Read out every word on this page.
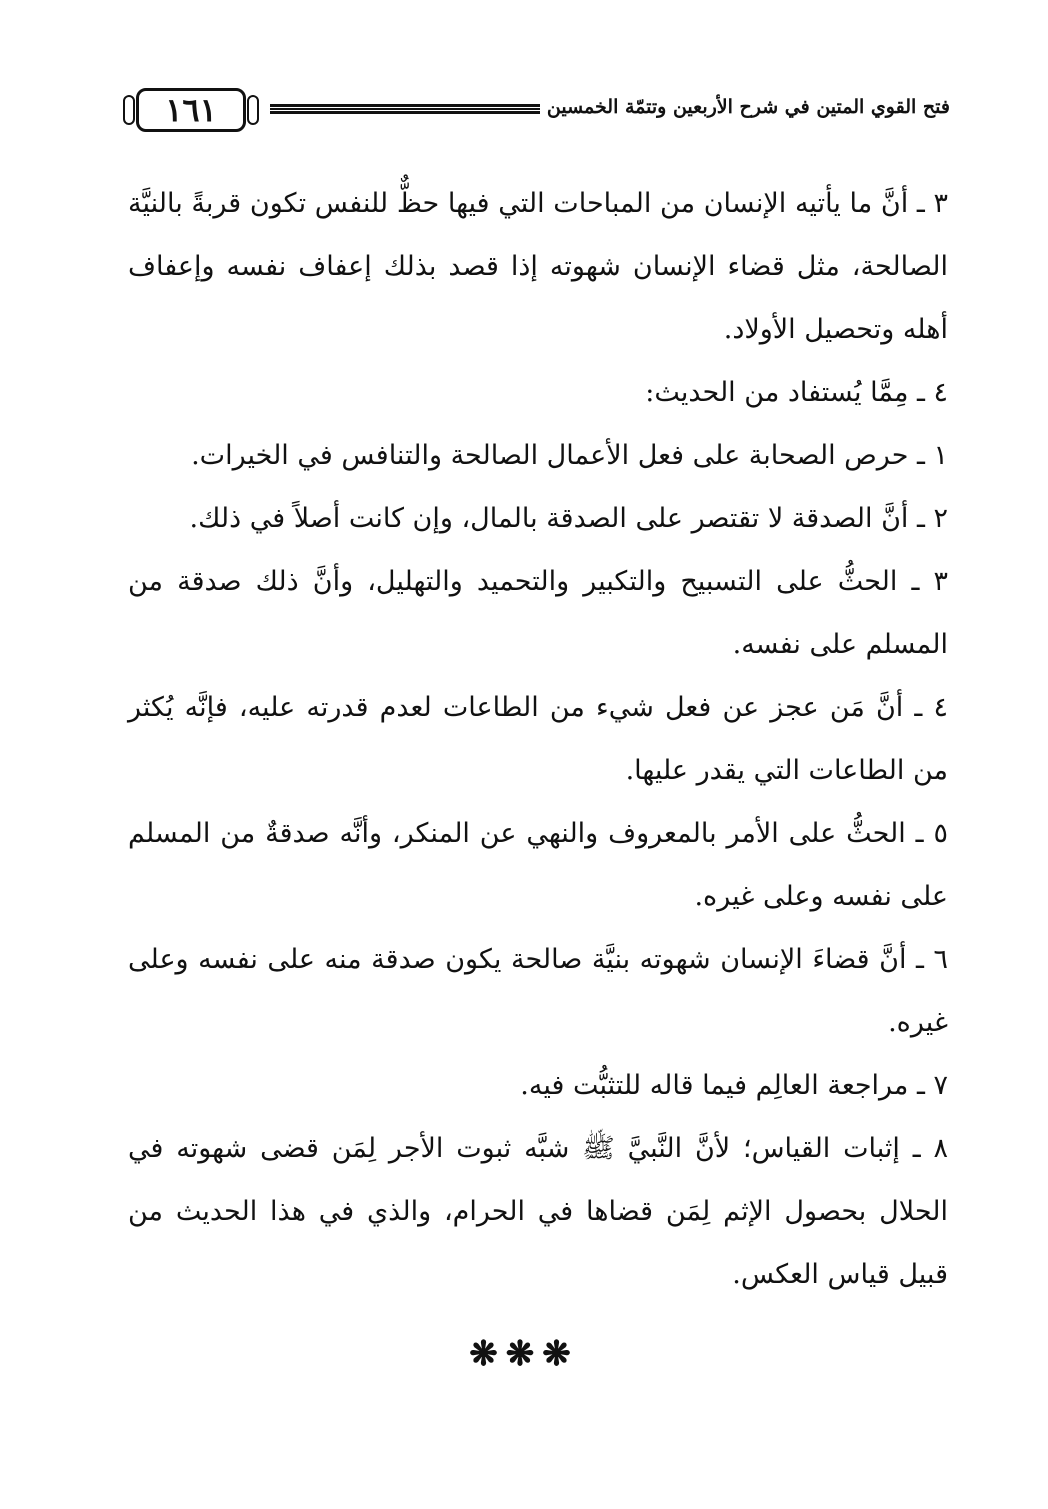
١٦١	فتح القوي المتين في شرح الأربعين وتتمّة الخمسين

٣ ـ أنَّ ما يأتيه الإنسان من المباحات التي فيها حظٌّ للنفس تكون قربةً بالنيَّة الصالحة، مثل قضاء الإنسان شهوته إذا قصد بذلك إعفاف نفسه وإعفاف أهله وتحصيل الأولاد.

٤ ـ مِمَّا يُستفاد من الحديث:

١ ـ حرص الصحابة على فعل الأعمال الصالحة والتنافس في الخيرات.

٢ ـ أنَّ الصدقة لا تقتصر على الصدقة بالمال، وإن كانت أصلاً في ذلك.

٣ ـ الحثُّ على التسبيح والتكبير والتحميد والتهليل، وأنَّ ذلك صدقة من المسلم على نفسه.

٤ ـ أنَّ مَن عجز عن فعل شيء من الطاعات لعدم قدرته عليه، فإنَّه يُكثر من الطاعات التي يقدر عليها.

٥ ـ الحثُّ على الأمر بالمعروف والنهي عن المنكر، وأنَّه صدقةٌ من المسلم على نفسه وعلى غيره.

٦ ـ أنَّ قضاءَ الإنسان شهوته بنيَّة صالحة يكون صدقة منه على نفسه وعلى غيره.

٧ ـ مراجعة العالِم فيما قاله للتثبُّت فيه.

٨ ـ إثبات القياس؛ لأنَّ النَّبيَّ ﷺ شبَّه ثبوت الأجر لِمَن قضى شهوته في الحلال بحصول الإثم لِمَن قضاها في الحرام، والذي في هذا الحديث من قبيل قياس العكس.

❋❋❋
